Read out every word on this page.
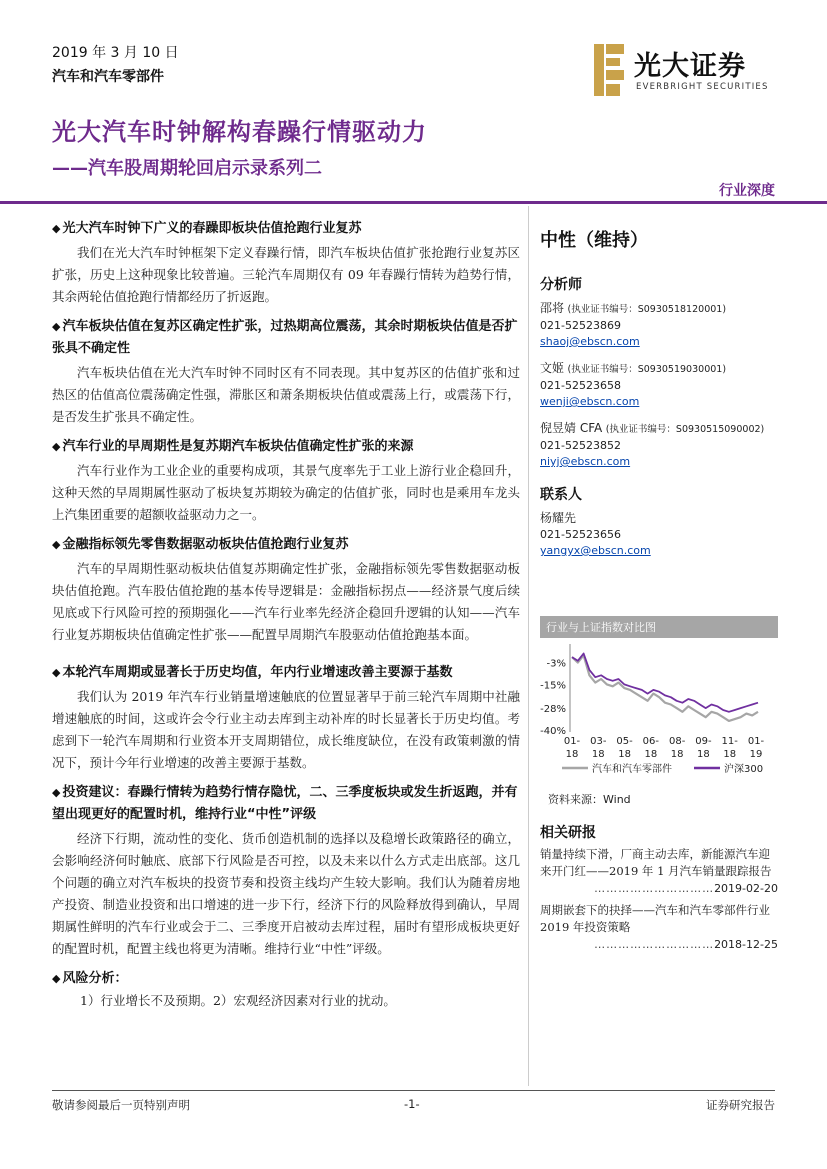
2019 年 3 月 10 日
汽车和汽车零部件	光大证券
EVERBRIGHT SECURITIES
光大汽车时钟解构春躁行情驱动力
——汽车股周期轮回启示录系列二
行业深度
◆ 光大汽车时钟下广义的春躁即板块估值抢跑行业复苏

我们在光大汽车时钟框架下定义春躁行情，即汽车板块估值扩张抢跑行业复苏区扩张，历史上这种现象比较普遍。三轮汽车周期仅有 09 年春躁行情转为趋势行情，其余两轮估值抢跑行情都经历了折返跑。

◆ 汽车板块估值在复苏区确定性扩张，过热期高位震荡，其余时期板块估值是否扩张具不确定性

汽车板块估值在光大汽车时钟不同时区有不同表现。其中复苏区的估值扩张和过热区的估值高位震荡确定性强，滞胀区和萧条期板块估值或震荡上行，或震荡下行，是否发生扩张具不确定性。

◆ 汽车行业的早周期性是复苏期汽车板块估值确定性扩张的来源

汽车行业作为工业企业的重要构成项，其景气度率先于工业上游行业企稳回升，这种天然的早周期属性驱动了板块复苏期较为确定的估值扩张，同时也是乘用车龙头上汽集团重要的超额收益驱动力之一。

◆ 金融指标领先零售数据驱动板块估值抢跑行业复苏

汽车的早周期性驱动板块估值复苏期确定性扩张，金融指标领先零售数据驱动板块估值抢跑。汽车股估值抢跑的基本传导逻辑是：金融指标拐点——经济景气度后续见底或下行风险可控的预期强化——汽车行业率先经济企稳回升逻辑的认知——汽车行业复苏期板块估值确定性扩张——配置早周期汽车股驱动估值抢跑基本面。

◆ 本轮汽车周期或显著长于历史均值，年内行业增速改善主要源于基数

我们认为 2019 年汽车行业销量增速触底的位置显著早于前三轮汽车周期中社融增速触底的时间，这或许会令行业主动去库到主动补库的时长显著长于历史均值。考虑到下一轮汽车周期和行业资本开支周期错位，成长维度缺位，在没有政策刺激的情况下，预计今年行业增速的改善主要源于基数。

◆ 投资建议：春躁行情转为趋势行情存隐忧，二、三季度板块或发生折返跑，并有望出现更好的配置时机，维持行业“中性”评级

经济下行期，流动性的变化、货币创造机制的选择以及稳增长政策路径的确立，会影响经济何时触底、底部下行风险是否可控，以及未来以什么方式走出底部。这几个问题的确立对汽车板块的投资节奏和投资主线均产生较大影响。我们认为随着房地产投资、制造业投资和出口增速的进一步下行，经济下行的风险释放得到确认，早周期属性鲜明的汽车行业或会于二、三季度开启被动去库过程，届时有望形成板块更好的配置时机，配置主线也将更为清晰。维持行业“中性”评级。

◆ 风险分析：
1）行业增长不及预期。2）宏观经济因素对行业的扰动。
中性（维持）
分析师
邵将 (执业证书编号：S0930518120001)
021-52523869
shaoj@ebscn.com
文姬 (执业证书编号：S0930519030001)
021-52523658
wenji@ebscn.com
倪昱婧 CFA (执业证书编号：S0930515090002)
021-52523852
niyj@ebscn.com
联系人
杨耀先
021-52523656
yangyx@ebscn.com
行业与上证指数对比图
-3%
-15%
-28%
-40%
01-
18
03-
18
05-
18
06-
18
08-
18
09-
18
11-
18
01-
19
汽车和汽车零部件	沪深300
资料来源：Wind
相关研报
销量持续下滑，厂商主动去库，新能源汽车迎来开门红——2019 年 1 月汽车销量跟踪报告
…………………………2019-02-20
周期嵌套下的抉择——汽车和汽车零部件行业 2019 年投资策略
…………………………2018-12-25
敬请参阅最后一页特别声明	-1-	证券研究报告
